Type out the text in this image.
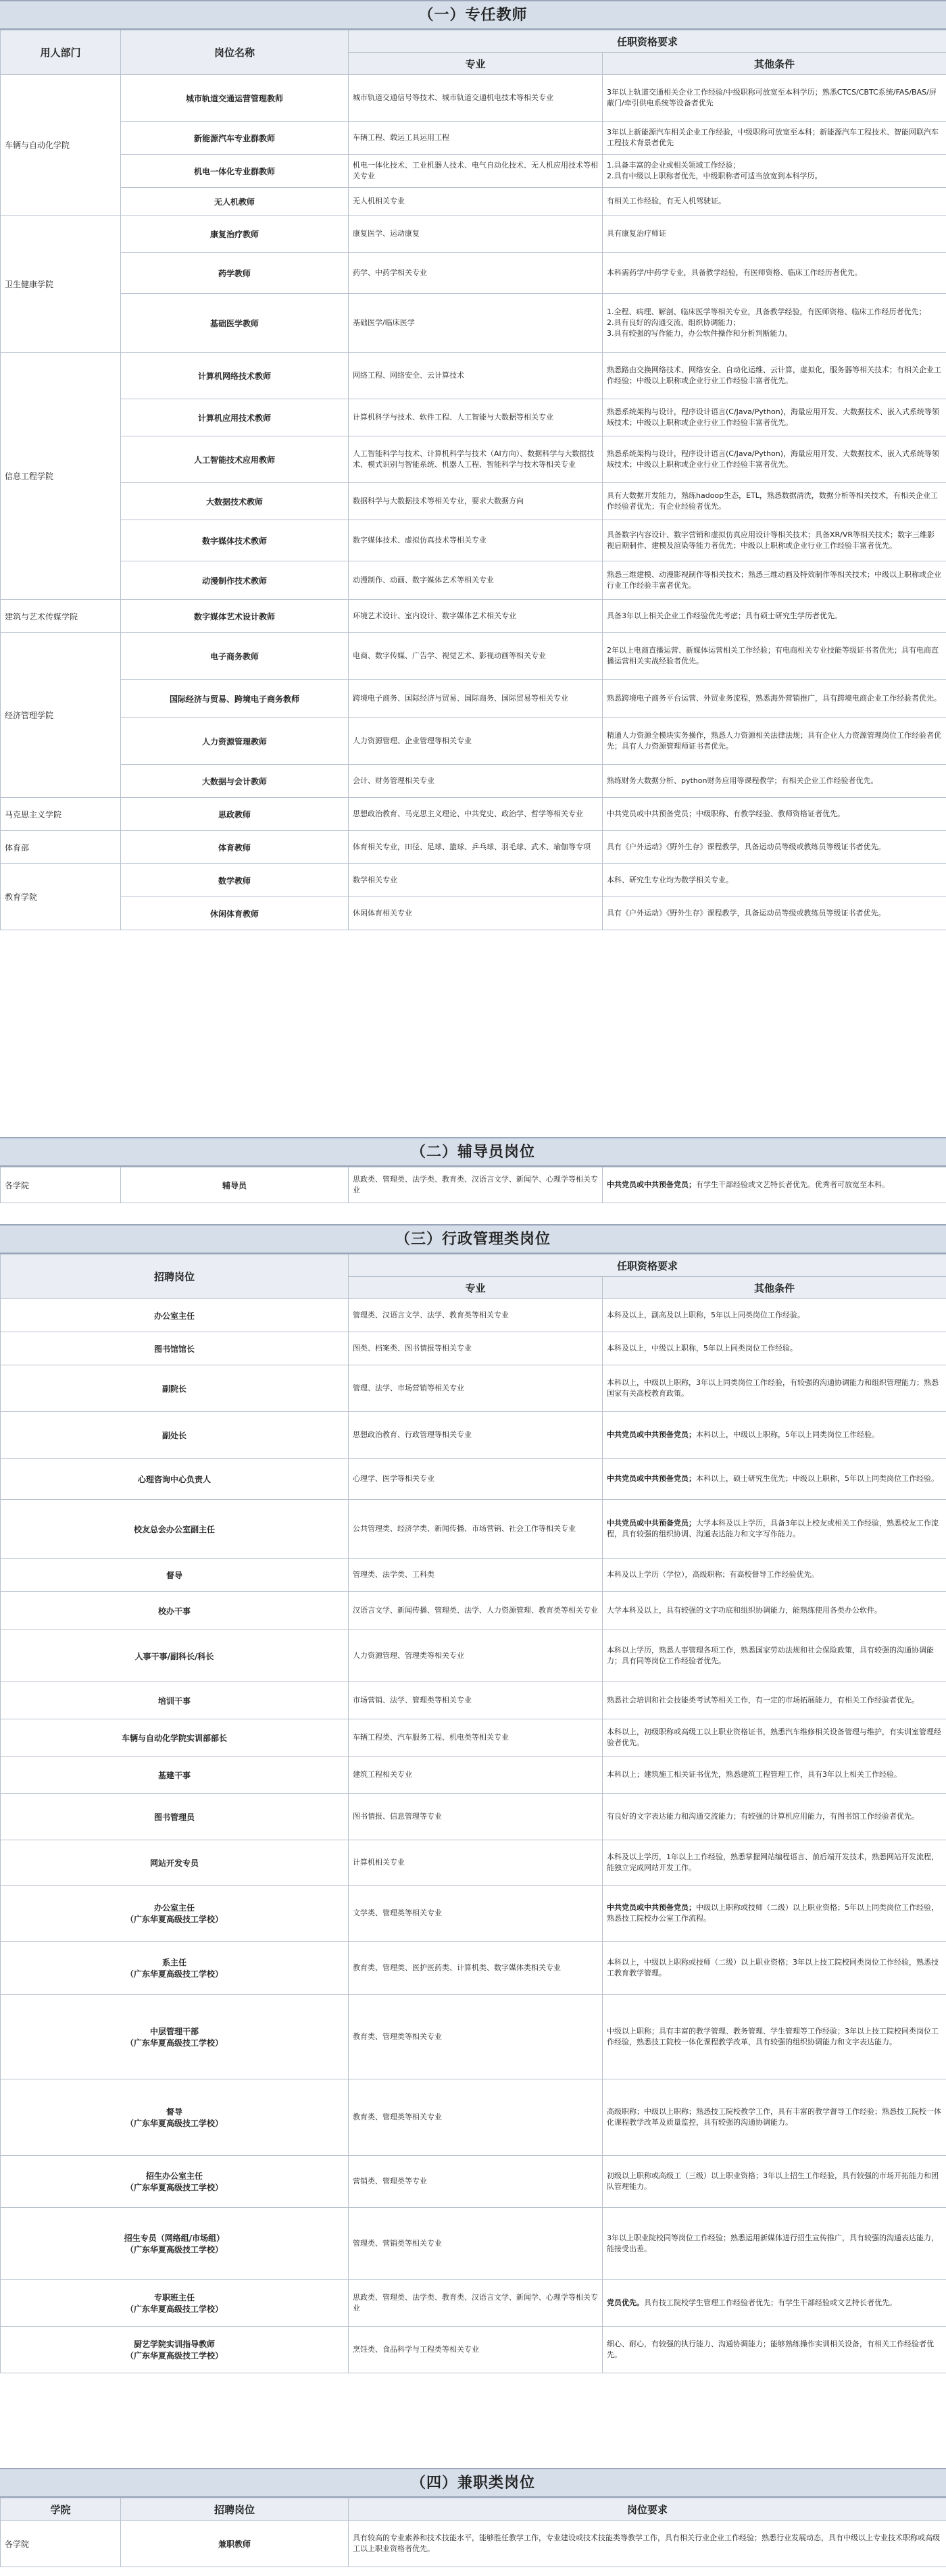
（一）专任教师
用人部门	岗位名称	任职资格要求	
		专业	其他条件
车辆与自动化学院	城市轨道交通运营管理教师	城市轨道交通信号等技术、城市轨道交通机电技术等相关专业	3年以上轨道交通相关企业工作经验/中级职称可放宽至本科学历；熟悉CTCS/CBTC系统/FAS/BAS/屏蔽门/牵引供电系统等设备者优先
	新能源汽车专业群教师	车辆工程、载运工具运用工程	3年以上新能源汽车相关企业工作经验，中级职称可放宽至本科；新能源汽车工程技术、智能网联汽车工程技术背景者优先
	机电一体化专业群教师	机电一体化技术、工业机器人技术、电气自动化技术、无人机应用技术等相关专业	1.具备丰富的企业或相关领域工作经验；
2.具有中级以上职称者优先，中级职称者可适当放宽到本科学历。
	无人机教师	无人机相关专业	有相关工作经验，有无人机驾驶证。
卫生健康学院	康复治疗教师	康复医学、运动康复	具有康复治疗师证
	药学教师	药学、中药学相关专业	本科需药学/中药学专业，具备教学经验，有医师资格、临床工作经历者优先。
	基础医学教师	基础医学/临床医学	1.全程、病理、解剖、临床医学等相关专业，具备教学经验，有医师资格、临床工作经历者优先；
2.具有良好的沟通交流、组织协调能力；
3.具有较强的写作能力，办公软件操作和分析判断能力。
信息工程学院	计算机网络技术教师	网络工程、网络安全、云计算技术	熟悉路由交换网络技术、网络安全、自动化运维、云计算，虚拟化，服务器等相关技术；有相关企业工作经验；中级以上职称或企业行业工作经验丰富者优先。
	计算机应用技术教师	计算机科学与技术、软件工程、人工智能与大数据等相关专业	熟悉系统架构与设计，程序设计语言(C/Java/Python)，海量应用开发、大数据技术、嵌入式系统等领域技术；中级以上职称或企业行业工作经验丰富者优先。
	人工智能技术应用教师	人工智能科学与技术、计算机科学与技术（AI方向）、数据科学与大数据技术、模式识别与智能系统、机器人工程、智能科学与技术等相关专业	熟悉系统架构与设计，程序设计语言(C/Java/Python)，海量应用开发、大数据技术、嵌入式系统等领域技术；中级以上职称或企业行业工作经验丰富者优先。
	大数据技术教师	数据科学与大数据技术等相关专业，要求大数据方向	具有大数据开发能力，熟练hadoop生态，ETL，熟悉数据清洗，数据分析等相关技术，有相关企业工作经验者优先；有企业经验者优先。
	数字媒体技术教师	数字媒体技术、虚拟仿真技术等相关专业	具备数字内容设计、数字营销和虚拟仿真应用设计等相关技术；具备XR/VR等相关技术；数字三维影视后期制作、建模及渲染等能力者优先；中级以上职称或企业行业工作经验丰富者优先。
	动漫制作技术教师	动漫制作、动画、数字媒体艺术等相关专业	熟悉三维建模、动漫影视制作等相关技术；熟悉三维动画及特效制作等相关技术；中级以上职称或企业行业工作经验丰富者优先。
建筑与艺术传媒学院	数字媒体艺术设计教师	环境艺术设计、室内设计、数字媒体艺术相关专业	具备3年以上相关企业工作经验优先考虑；具有硕士研究生学历者优先。
经济管理学院	电子商务教师	电商、数字传媒、广告学、视觉艺术、影视动画等相关专业	2年以上电商直播运营、新媒体运营相关工作经验；有电商相关专业技能等级证书者优先；具有电商直播运营相关实战经验者优先。
	国际经济与贸易、跨境电子商务教师	跨境电子商务、国际经济与贸易、国际商务、国际贸易等相关专业	熟悉跨境电子商务平台运营、外贸业务流程，熟悉海外营销推广，具有跨境电商企业工作经验者优先。
	人力资源管理教师	人力资源管理、企业管理等相关专业	精通人力资源全模块实务操作，熟悉人力资源相关法律法规；具有企业人力资源管理岗位工作经验者优先；具有人力资源管理师证书者优先。
	大数据与会计教师	会计、财务管理相关专业	熟练财务大数据分析、python财务应用等课程教学；有相关企业工作经验者优先。
马克思主义学院	思政教师	思想政治教育、马克思主义理论、中共党史、政治学、哲学等相关专业	中共党员或中共预备党员；中级职称、有教学经验、教师资格证者优先。
体育部	体育教师	体育相关专业，田径、足球、篮球、乒乓球、羽毛球、武术、瑜伽等专项	具有《户外运动》《野外生存》课程教学，具备运动员等级或教练员等级证书者优先。
教育学院	数学教师	数学相关专业	本科、研究生专业均为数学相关专业。
	休闲体育教师	休闲体育相关专业	具有《户外运动》《野外生存》课程教学，具备运动员等级或教练员等级证书者优先。
（二）辅导员岗位
各学院	辅导员	思政类、管理类、法学类、教育类、汉语言文学、新闻学、心理学等相关专业	中共党员或中共预备党员；有学生干部经验或文艺特长者优先。优秀者可放宽至本科。
（三）行政管理类岗位
招聘岗位	任职资格要求	
	专业	其他条件
办公室主任	管理类、汉语言文学、法学、教育类等相关专业	本科及以上，副高及以上职称，5年以上同类岗位工作经验。
图书馆馆长	图类、档案类、图书情报等相关专业	本科及以上，中级以上职称，5年以上同类岗位工作经验。
副院长	管理、法学、市场营销等相关专业	本科以上，中级以上职称，3年以上同类岗位工作经验，有较强的沟通协调能力和组织管理能力；熟悉国家有关高校教育政策。
副处长	思想政治教育、行政管理等相关专业	中共党员或中共预备党员；本科以上，中级以上职称，5年以上同类岗位工作经验。
心理咨询中心负责人	心理学、医学等相关专业	中共党员或中共预备党员；本科以上，硕士研究生优先；中级以上职称，5年以上同类岗位工作经验。
校友总会办公室副主任	公共管理类、经济学类、新闻传播、市场营销、社会工作等相关专业	中共党员或中共预备党员；大学本科及以上学历，具备3年以上校友或相关工作经验，熟悉校友工作流程，具有较强的组织协调、沟通表达能力和文字写作能力。
督导	管理类、法学类、工科类	本科及以上学历（学位），高级职称；有高校督导工作经验优先。
校办干事	汉语言文学、新闻传播、管理类、法学、人力资源管理、教育类等相关专业	大学本科及以上，具有较强的文字功底和组织协调能力，能熟练使用各类办公软件。
人事干事/副科长/科长	人力资源管理、管理类等相关专业	本科以上学历，熟悉人事管理各项工作，熟悉国家劳动法规和社会保险政策，具有较强的沟通协调能力；具有同等岗位工作经验者优先。
培训干事	市场营销、法学、管理类等相关专业	熟悉社会培训和社会技能类考试等相关工作，有一定的市场拓展能力，有相关工作经验者优先。
车辆与自动化学院实训部部长	车辆工程类、汽车服务工程、机电类等相关专业	本科以上，初级职称或高级工以上职业资格证书，熟悉汽车维修相关设备管理与维护，有实训室管理经验者优先。
基建干事	建筑工程相关专业	本科以上；建筑施工相关证书优先，熟悉建筑工程管理工作，具有3年以上相关工作经验。
图书管理员	图书情报、信息管理等专业	有良好的文字表达能力和沟通交流能力；有较强的计算机应用能力，有图书馆工作经验者优先。
网站开发专员	计算机相关专业	本科及以上学历，1年以上工作经验，熟悉掌握网站编程语言、前后端开发技术，熟悉网站开发流程，能独立完成网站开发工作。
办公室主任
（广东华夏高级技工学校）	文学类、管理类等相关专业	中共党员或中共预备党员；中级以上职称或技师（二级）以上职业资格；5年以上同类岗位工作经验，熟悉技工院校办公室工作流程。
系主任
（广东华夏高级技工学校）	教育类、管理类、医护医药类、计算机类、数字媒体类相关专业	本科以上，中级以上职称或技师（二级）以上职业资格；3年以上技工院校同类岗位工作经验，熟悉技工教育教学管理。
中层管理干部
（广东华夏高级技工学校）	教育类、管理类等相关专业	中级以上职称；具有丰富的教学管理、教务管理、学生管理等工作经验；3年以上技工院校同类岗位工作经验，熟悉技工院校一体化课程教学改革，具有较强的组织协调能力和文字表达能力。
督导
（广东华夏高级技工学校）	教育类、管理类等相关专业	高级职称；中级以上职称；熟悉技工院校教学工作，具有丰富的教学督导工作经验；熟悉技工院校一体化课程教学改革及质量监控，具有较强的沟通协调能力。
招生办公室主任
（广东华夏高级技工学校）	营销类、管理类等专业	初级以上职称或高级工（三级）以上职业资格；3年以上招生工作经验，具有较强的市场开拓能力和团队管理能力。
招生专员（网络组/市场组）
（广东华夏高级技工学校）	管理类、营销类等相关专业	3年以上职业院校同等岗位工作经验；熟悉运用新媒体进行招生宣传推广，具有较强的沟通表达能力，能接受出差。
专职班主任
（广东华夏高级技工学校）	思政类、管理类、法学类、教育类、汉语言文学、新闻学、心理学等相关专业	党员优先。具有技工院校学生管理工作经验者优先；有学生干部经验或文艺特长者优先。
厨艺学院实训指导教师
（广东华夏高级技工学校）	烹饪类、食品科学与工程类等相关专业	细心、耐心，有较强的执行能力、沟通协调能力；能够熟练操作实训相关设备，有相关工作经验者优先。
（四）兼职类岗位
学院	招聘岗位	岗位要求
各学院	兼职教师	具有较高的专业素养和技术技能水平，能够胜任教学工作，专业建设或技术技能类等教学工作，具有相关行业企业工作经验；熟悉行业发展动态，具有中级以上专业技术职称或高级工以上职业资格者优先。
